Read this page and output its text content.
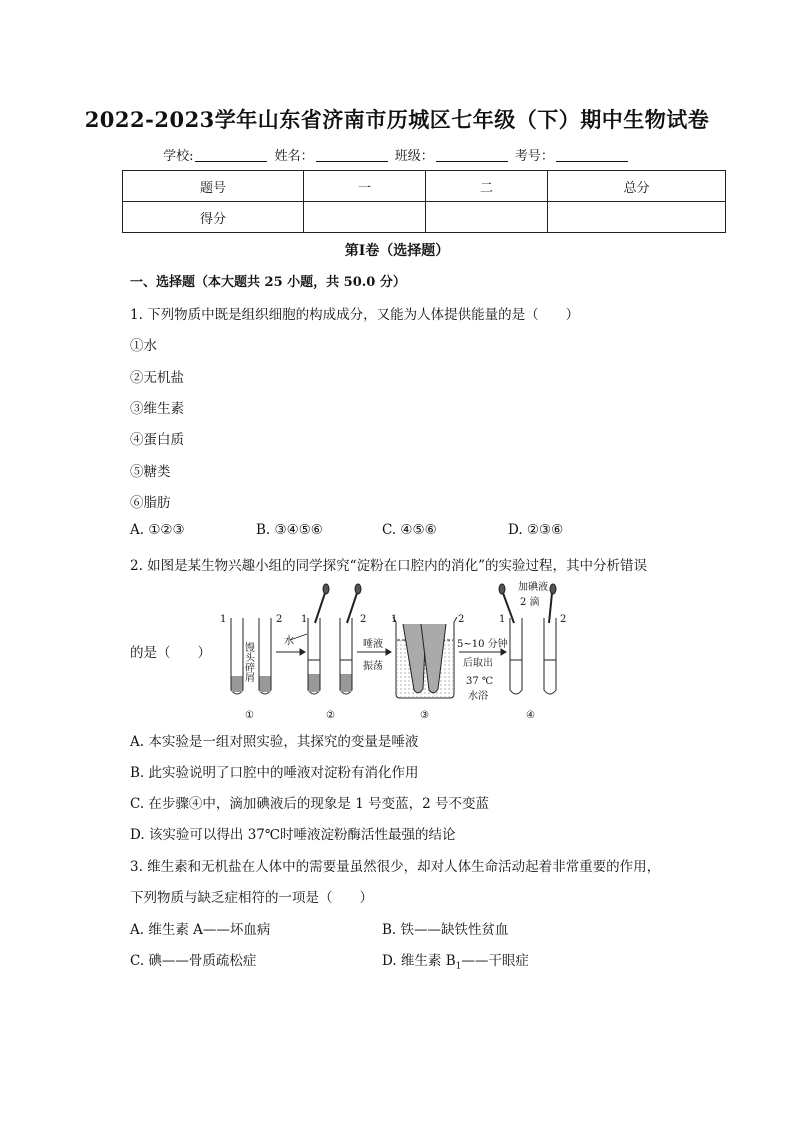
2022-2023学年山东省济南市历城区七年级（下）期中生物试卷
学校:	姓名：	班级：	考号：
题号	一	二	总分
得分			
第I卷（选择题）
一、选择题（本大题共 25 小题，共 50.0 分）
1. 下列物质中既是组织细胞的构成成分，又能为人体提供能量的是（　　）
①水
②无机盐
③维生素
④蛋白质
⑤糖类
⑥脂肪
A. ①②③	B. ③④⑤⑥	C. ④⑤⑥	D. ②③⑥
2. 如图是某生物兴趣小组的同学探究“淀粉在口腔内的消化”的实验过程，其中分析错误
的是（　　）
1	2 1	2 1	2	1	2
馒头碎屑
水	唾液
振荡
5~10 分钟
后取出
37 ℃
水浴
加碘液
2 滴
①	②	③	④
A. 本实验是一组对照实验，其探究的变量是唾液
B. 此实验说明了口腔中的唾液对淀粉有消化作用
C. 在步骤④中，滴加碘液后的现象是 1 号变蓝，2 号不变蓝
D. 该实验可以得出 37℃时唾液淀粉酶活性最强的结论
3. 维生素和无机盐在人体中的需要量虽然很少，却对人体生命活动起着非常重要的作用，
下列物质与缺乏症相符的一项是（　　）
A. 维生素 A——坏血病	B. 铁——缺铁性贫血
C. 碘——骨质疏松症	D. 维生素 $B_1——$干眼症
